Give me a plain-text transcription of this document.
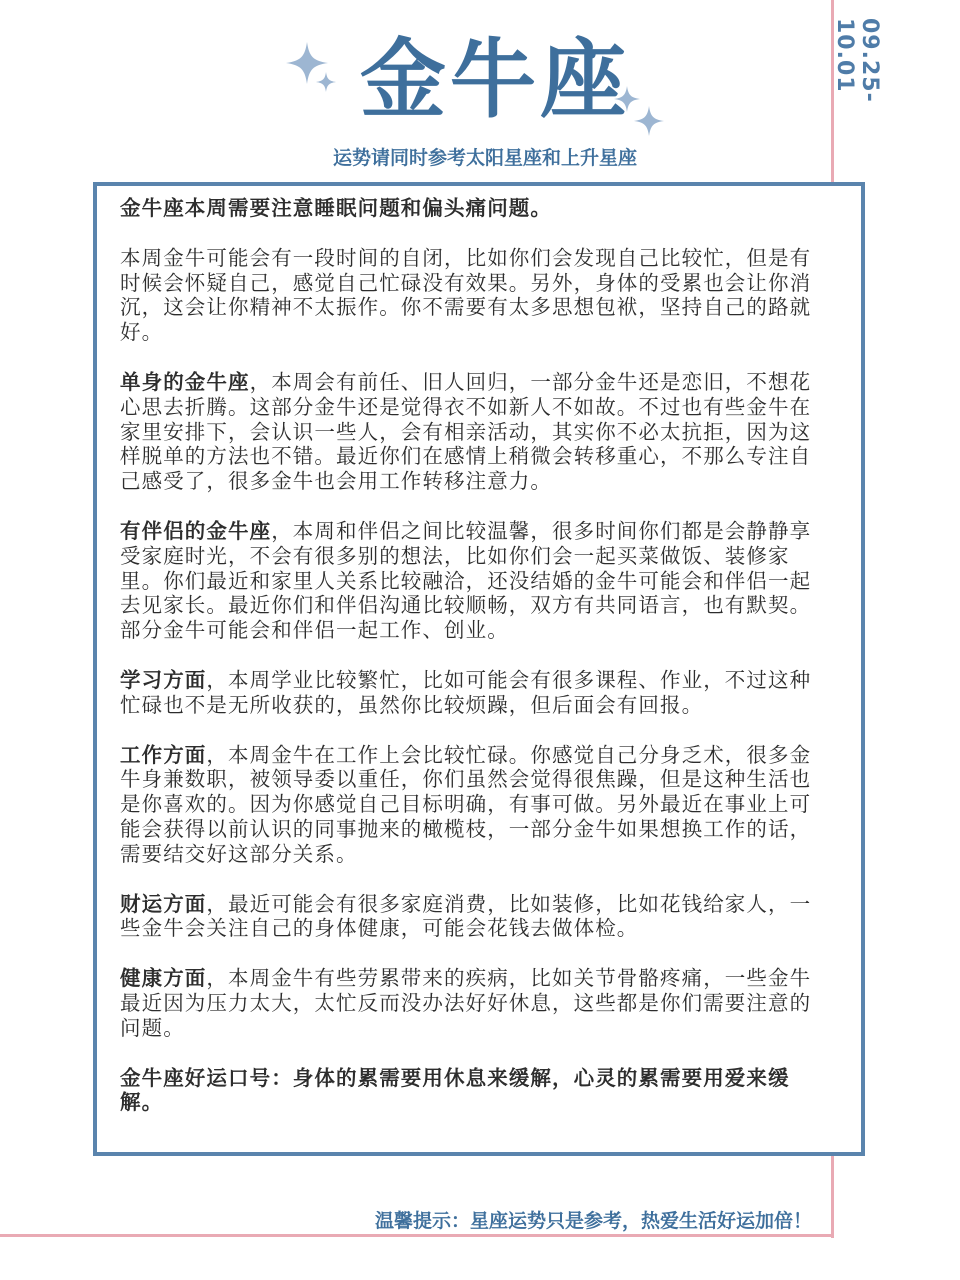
金牛座
运势请同时参考太阳星座和上升星座
09.25-10.01

金牛座本周需要注意睡眠问题和偏头痛问题。

本周金牛可能会有一段时间的自闭，比如你们会发现自己比较忙，但是有时候会怀疑自己，感觉自己忙碌没有效果。另外，身体的受累也会让你消沉，这会让你精神不太振作。你不需要有太多思想包袱，坚持自己的路就好。

单身的金牛座，本周会有前任、旧人回归，一部分金牛还是恋旧，不想花心思去折腾。这部分金牛还是觉得衣不如新人不如故。不过也有些金牛在家里安排下，会认识一些人，会有相亲活动，其实你不必太抗拒，因为这样脱单的方法也不错。最近你们在感情上稍微会转移重心，不那么专注自己感受了，很多金牛也会用工作转移注意力。

有伴侣的金牛座，本周和伴侣之间比较温馨，很多时间你们都是会静静享受家庭时光，不会有很多别的想法，比如你们会一起买菜做饭、装修家里。你们最近和家里人关系比较融洽，还没结婚的金牛可能会和伴侣一起去见家长。最近你们和伴侣沟通比较顺畅，双方有共同语言，也有默契。部分金牛可能会和伴侣一起工作、创业。

学习方面，本周学业比较繁忙，比如可能会有很多课程、作业，不过这种忙碌也不是无所收获的，虽然你比较烦躁，但后面会有回报。

工作方面，本周金牛在工作上会比较忙碌。你感觉自己分身乏术，很多金牛身兼数职，被领导委以重任，你们虽然会觉得很焦躁，但是这种生活也是你喜欢的。因为你感觉自己目标明确，有事可做。另外最近在事业上可能会获得以前认识的同事抛来的橄榄枝，一部分金牛如果想换工作的话，需要结交好这部分关系。

财运方面，最近可能会有很多家庭消费，比如装修，比如花钱给家人，一些金牛会关注自己的身体健康，可能会花钱去做体检。

健康方面，本周金牛有些劳累带来的疾病，比如关节骨骼疼痛，一些金牛最近因为压力太大，太忙反而没办法好好休息，这些都是你们需要注意的问题。

金牛座好运口号：身体的累需要用休息来缓解，心灵的累需要用爱来缓解。

温馨提示：星座运势只是参考，热爱生活好运加倍！
